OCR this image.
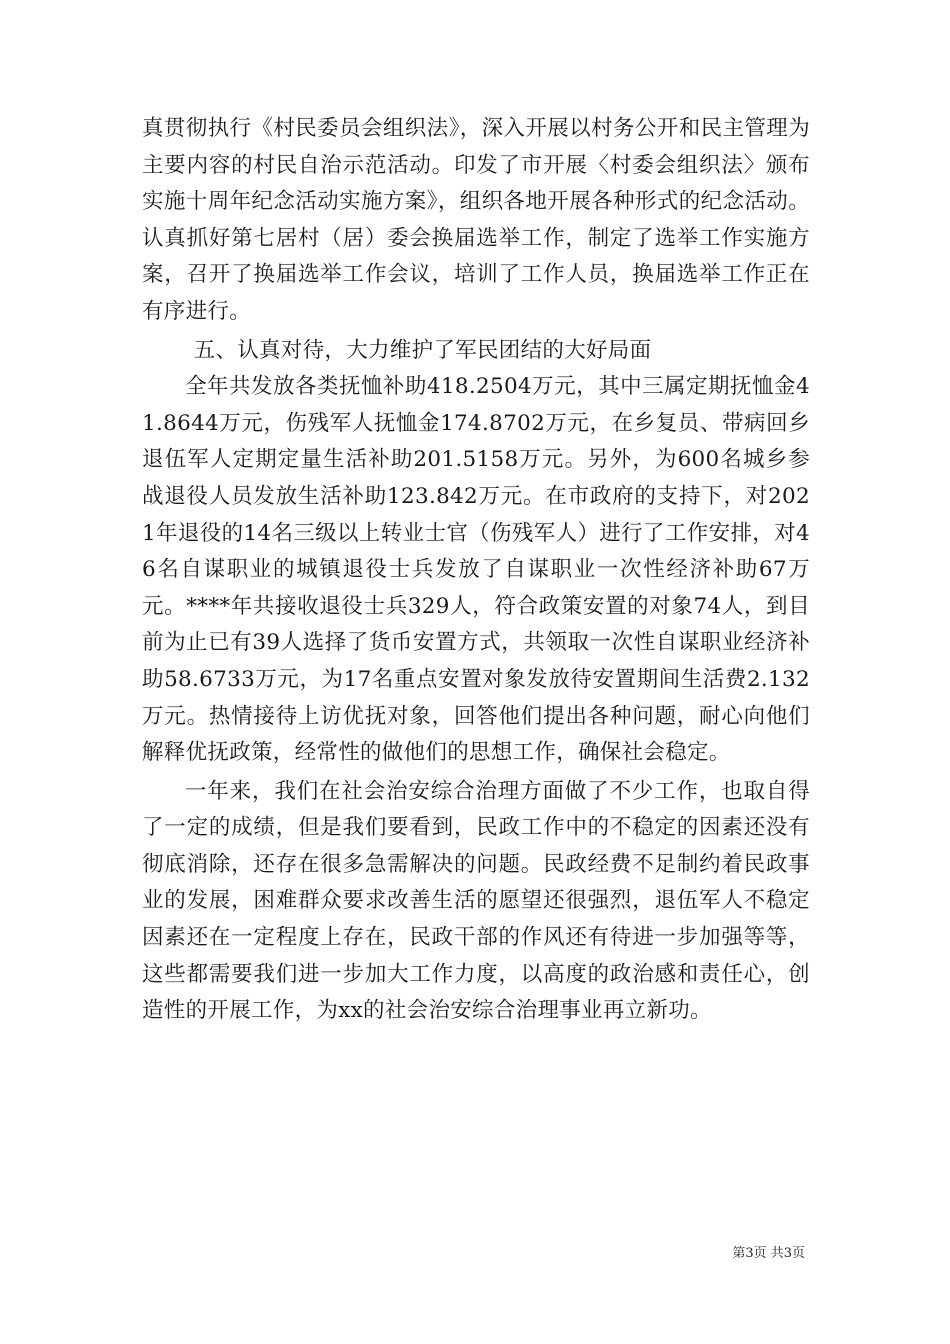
真贯彻执行《村民委员会组织法》，深入开展以村务公开和民主管理为主要内容的村民自治示范活动。印发了市开展〈村委会组织法〉颁布实施十周年纪念活动实施方案》，组织各地开展各种形式的纪念活动。认真抓好第七居村（居）委会换届选举工作，制定了选举工作实施方案，召开了换届选举工作会议，培训了工作人员，换届选举工作正在有序进行。

五、认真对待，大力维护了军民团结的大好局面

全年共发放各类抚恤补助418.2504万元，其中三属定期抚恤金41.8644万元，伤残军人抚恤金174.8702万元，在乡复员、带病回乡退伍军人定期定量生活补助201.5158万元。另外，为600名城乡参战退役人员发放生活补助123.842万元。在市政府的支持下，对2021年退役的14名三级以上转业士官（伤残军人）进行了工作安排，对46名自谋职业的城镇退役士兵发放了自谋职业一次性经济补助67万元。****年共接收退役士兵329人，符合政策安置的对象74人，到目前为止已有39人选择了货币安置方式，共领取一次性自谋职业经济补助58.6733万元，为17名重点安置对象发放待安置期间生活费2.132万元。热情接待上访优抚对象，回答他们提出各种问题，耐心向他们解释优抚政策，经常性的做他们的思想工作，确保社会稳定。

一年来，我们在社会治安综合治理方面做了不少工作，也取自得了一定的成绩，但是我们要看到，民政工作中的不稳定的因素还没有彻底消除，还存在很多急需解决的问题。民政经费不足制约着民政事业的发展，困难群众要求改善生活的愿望还很强烈，退伍军人不稳定因素还在一定程度上存在，民政干部的作风还有待进一步加强等等，这些都需要我们进一步加大工作力度，以高度的政治感和责任心，创造性的开展工作，为xx的社会治安综合治理事业再立新功。

第3页 共3页
